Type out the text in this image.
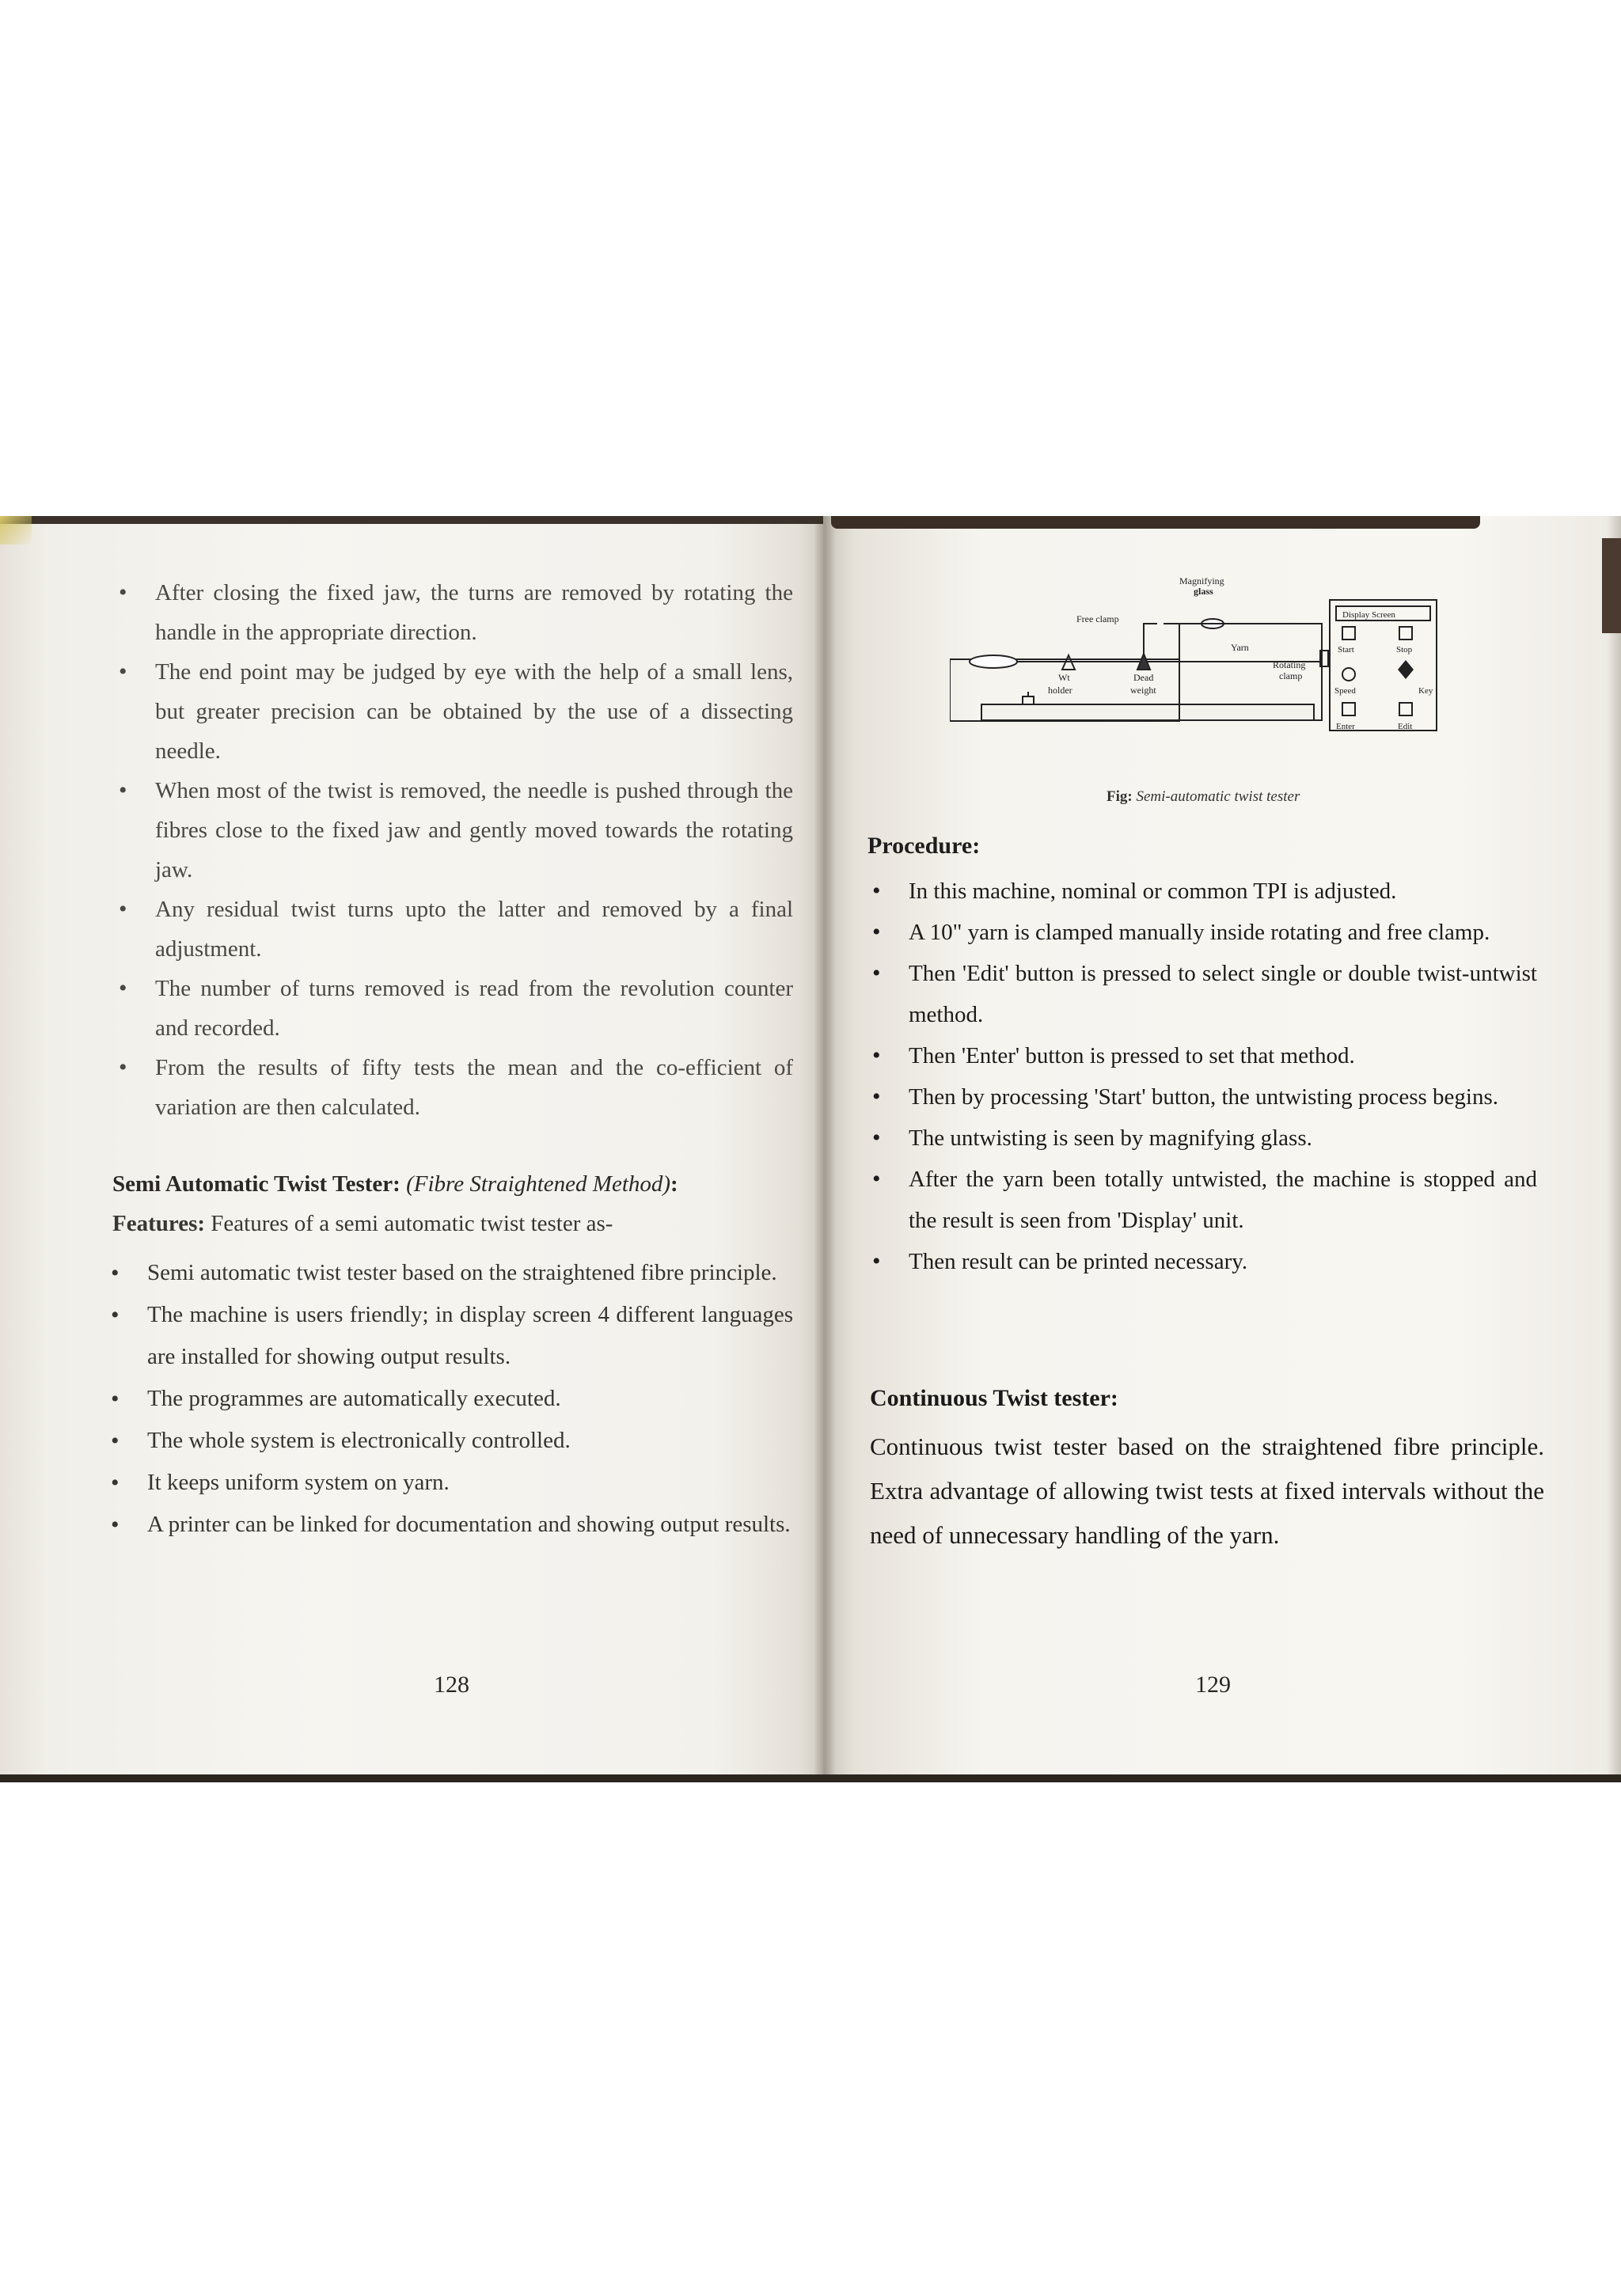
• After closing the fixed jaw, the turns are removed by rotating the handle in the appropriate direction.
• The end point may be judged by eye with the help of a small lens, but greater precision can be obtained by the use of a dissecting needle.
• When most of the twist is removed, the needle is pushed through the fibres close to the fixed jaw and gently moved towards the rotating jaw.
• Any residual twist turns upto the latter and removed by a final adjustment.
• The number of turns removed is read from the revolution counter and recorded.
• From the results of fifty tests the mean and the co-efficient of variation are then calculated.
Semi Automatic Twist Tester: (Fibre Straightened Method):
Features: Features of a semi automatic twist tester as-
• Semi automatic twist tester based on the straightened fibre principle.
• The machine is users friendly; in display screen 4 different languages are installed for showing output results.
• The programmes are automatically executed.
• The whole system is electronically controlled.
• It keeps uniform system on yarn.
• A printer can be linked for documentation and showing output results.
128
Magnifying
glass
Free clamp
Yarn
Rotating
clamp
Wt
holder
Dead
weight
Display Screen
Start	Stop
Speed	Key
Enter	Edit
Fig: Semi-automatic twist tester
Procedure:
• In this machine, nominal or common TPI is adjusted.
• A 10" yarn is clamped manually inside rotating and free clamp.
• Then 'Edit' button is pressed to select single or double twist-untwist method.
• Then 'Enter' button is pressed to set that method.
• Then by processing 'Start' button, the untwisting process begins.
• The untwisting is seen by magnifying glass.
• After the yarn been totally untwisted, the machine is stopped and the result is seen from 'Display' unit.
• Then result can be printed necessary.
Continuous Twist tester:
Continuous twist tester based on the straightened fibre principle. Extra advantage of allowing twist tests at fixed intervals without the need of unnecessary handling of the yarn.
129
